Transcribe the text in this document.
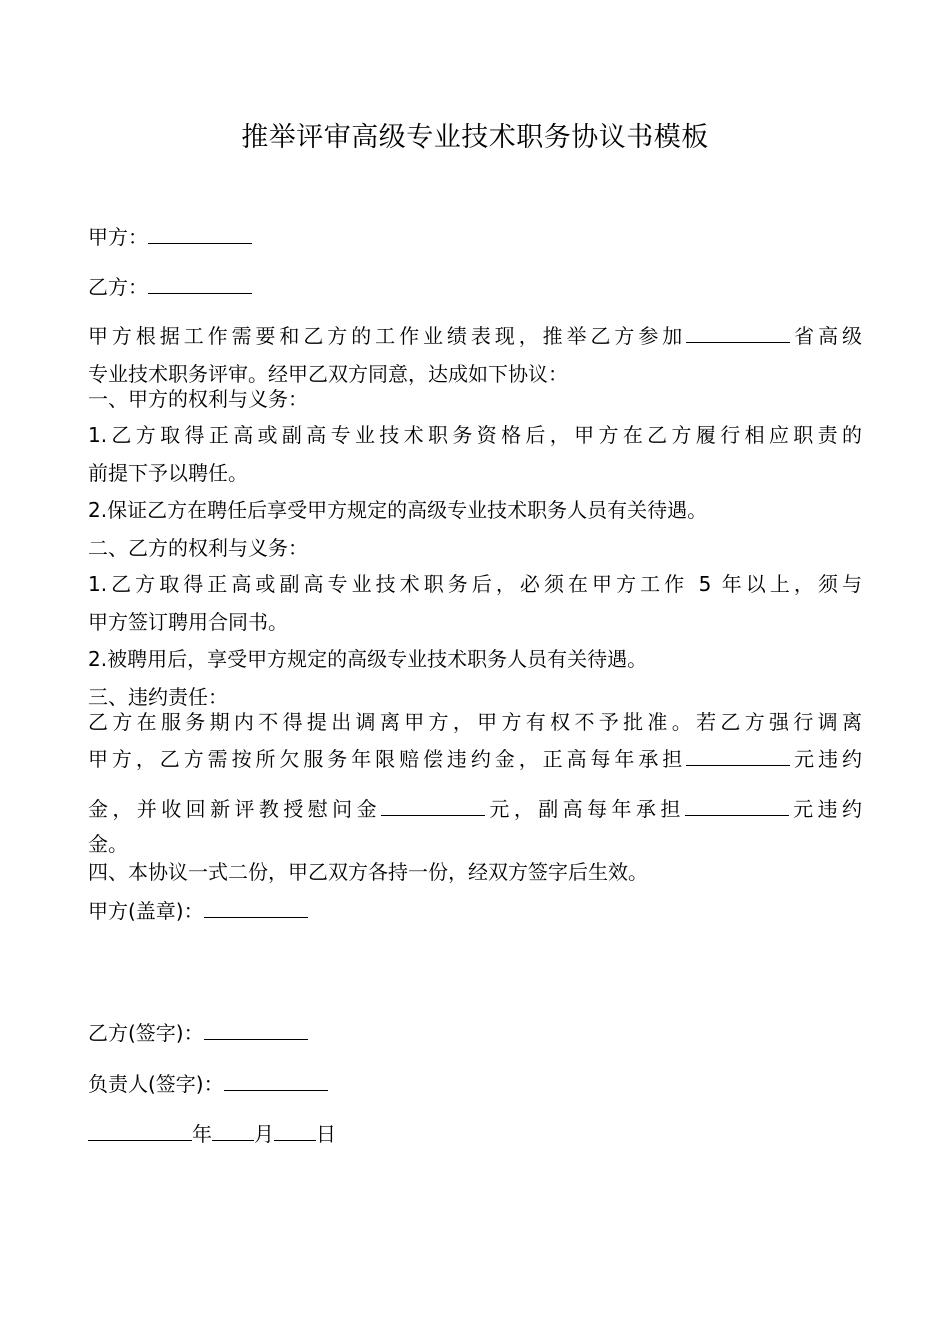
推举评审高级专业技术职务协议书模板
甲方：
乙方：
甲方根据工作需要和乙方的工作业绩表现，推举乙方参加	省高级
专业技术职务评审。经甲乙双方同意，达成如下协议：
一、甲方的权利与义务：
1.乙方取得正高或副高专业技术职务资格后，甲方在乙方履行相应职责的
前提下予以聘任。
2.保证乙方在聘任后享受甲方规定的高级专业技术职务人员有关待遇。
二、乙方的权利与义务：
1.乙方取得正高或副高专业技术职务后，必须在甲方工作 5 年以上，须与
甲方签订聘用合同书。
2.被聘用后，享受甲方规定的高级专业技术职务人员有关待遇。
三、违约责任：
乙方在服务期内不得提出调离甲方，甲方有权不予批准。若乙方强行调离
甲方，乙方需按所欠服务年限赔偿违约金，正高每年承担	元违约
金，并收回新评教授慰问金	元，副高每年承担	元违约
金。
四、本协议一式二份，甲乙双方各持一份，经双方签字后生效。
甲方(盖章)：
乙方(签字)：
负责人(签字)：
年 月 日
